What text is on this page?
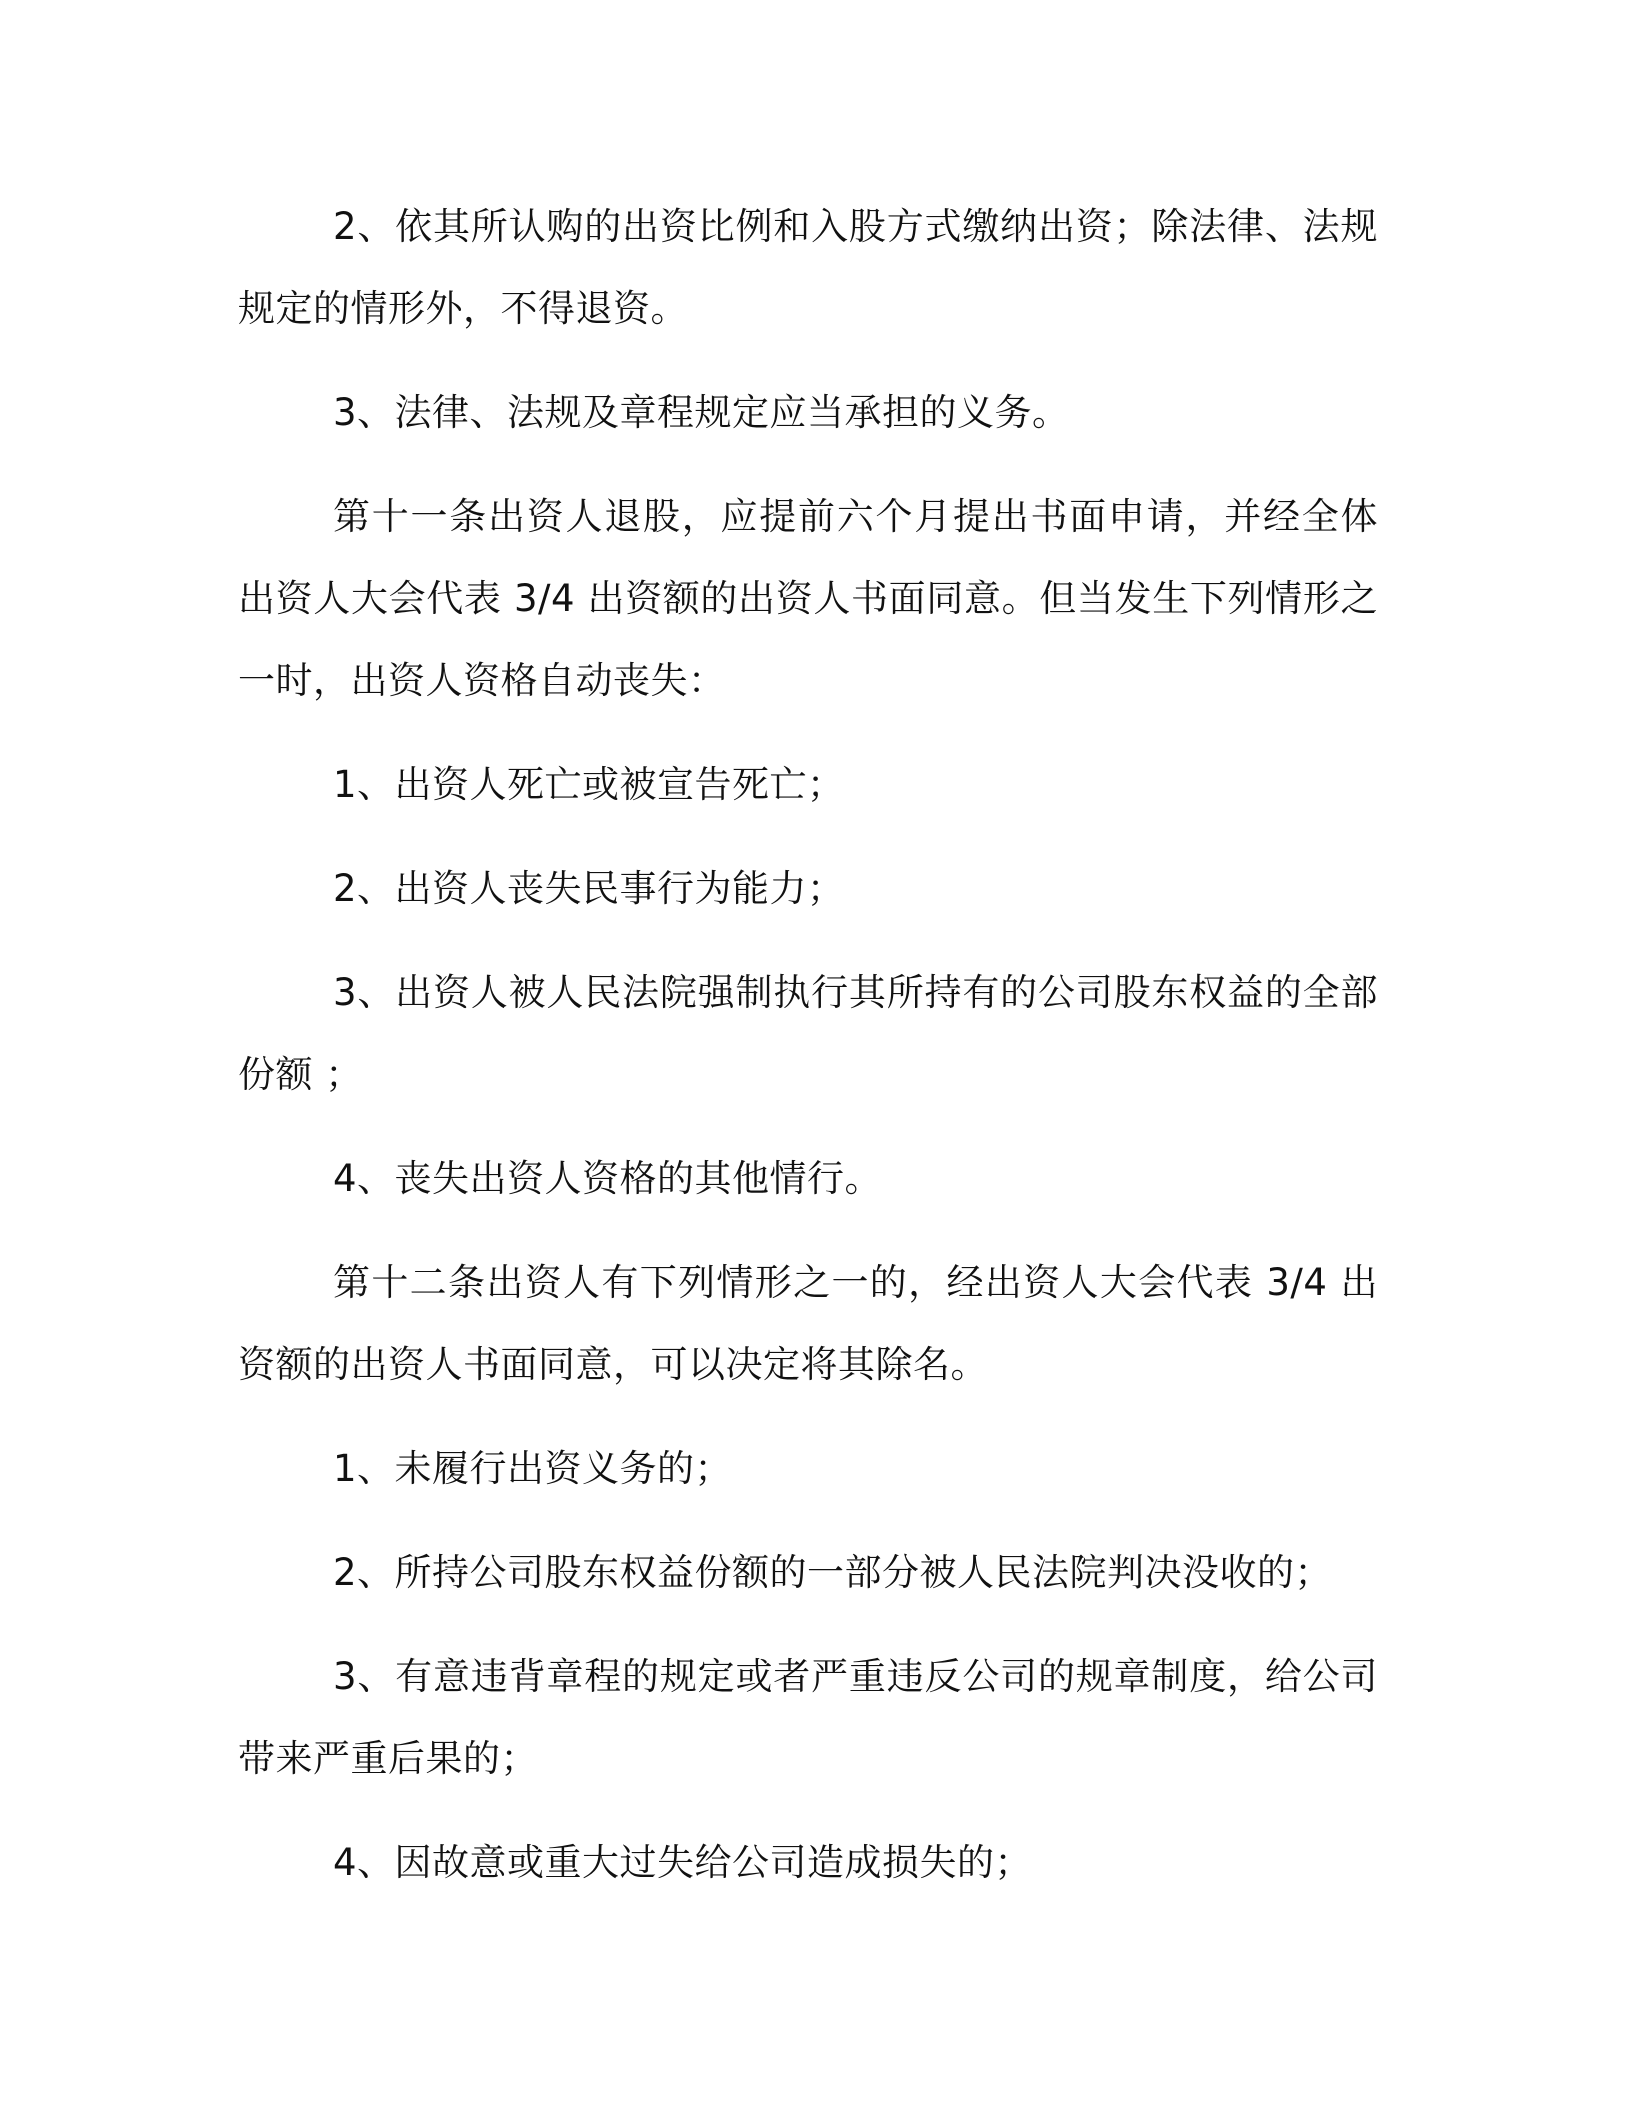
2、依其所认购的出资比例和入股方式缴纳出资；除法律、法规规定的情形外，不得退资。

3、法律、法规及章程规定应当承担的义务。

第十一条出资人退股，应提前六个月提出书面申请，并经全体出资人大会代表 3/4 出资额的出资人书面同意。但当发生下列情形之一时，出资人资格自动丧失：

1、出资人死亡或被宣告死亡；

2、出资人丧失民事行为能力；

3、出资人被人民法院强制执行其所持有的公司股东权益的全部份额 ；

4、丧失出资人资格的其他情行。

第十二条出资人有下列情形之一的，经出资人大会代表 3/4 出资额的出资人书面同意，可以决定将其除名。

1、未履行出资义务的；

2、所持公司股东权益份额的一部分被人民法院判决没收的；

3、有意违背章程的规定或者严重违反公司的规章制度，给公司带来严重后果的；

4、因故意或重大过失给公司造成损失的；
